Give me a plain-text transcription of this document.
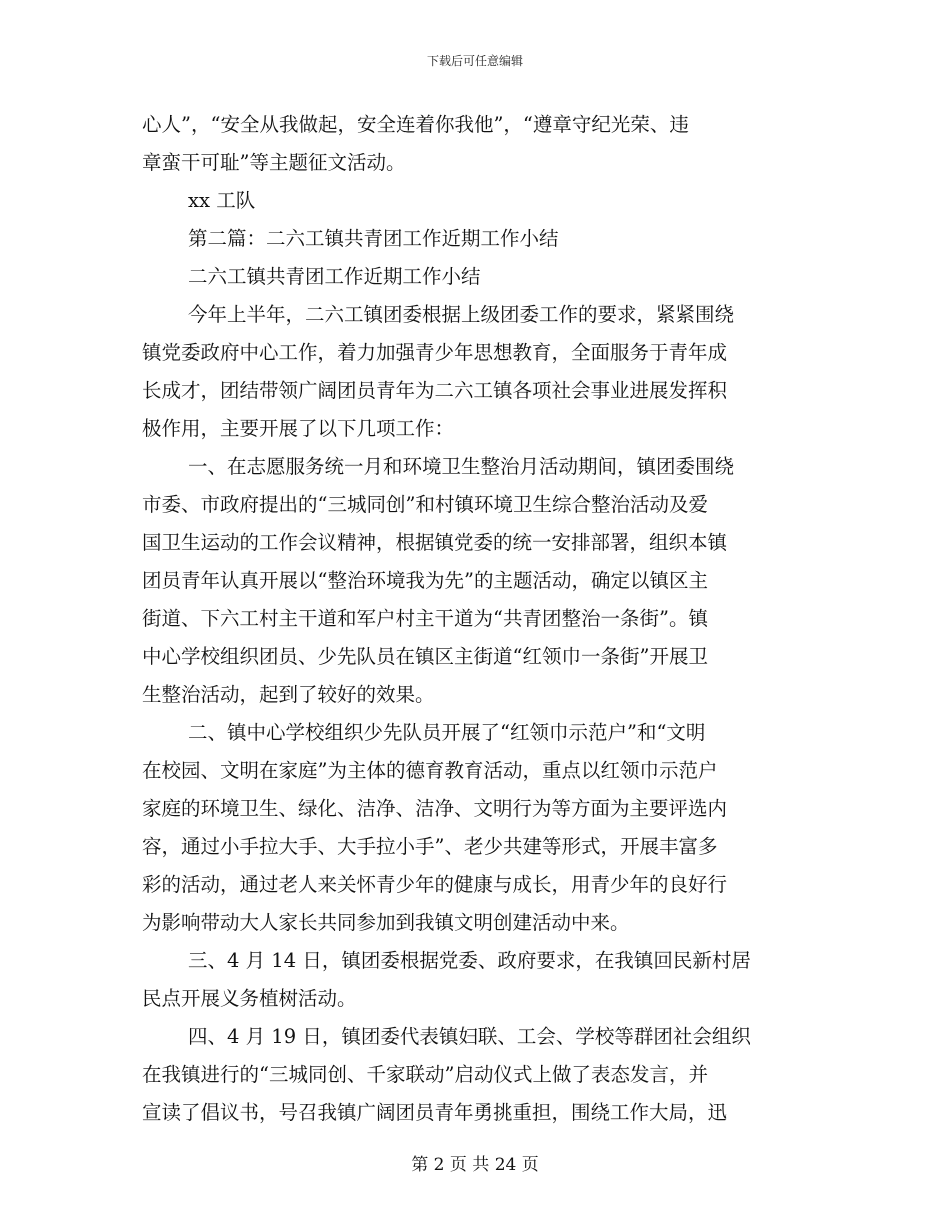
下载后可任意编辑
心人”，“安全从我做起，安全连着你我他”，“遵章守纪光荣、违
章蛮干可耻”等主题征文活动。
xx 工队
第二篇：二六工镇共青团工作近期工作小结
二六工镇共青团工作近期工作小结
今年上半年，二六工镇团委根据上级团委工作的要求，紧紧围绕
镇党委政府中心工作，着力加强青少年思想教育，全面服务于青年成
长成才，团结带领广阔团员青年为二六工镇各项社会事业进展发挥积
极作用，主要开展了以下几项工作：
一、在志愿服务统一月和环境卫生整治月活动期间，镇团委围绕
市委、市政府提出的“三城同创”和村镇环境卫生综合整治活动及爱
国卫生运动的工作会议精神，根据镇党委的统一安排部署，组织本镇
团员青年认真开展以“整治环境我为先”的主题活动，确定以镇区主
街道、下六工村主干道和军户村主干道为“共青团整治一条街”。镇
中心学校组织团员、少先队员在镇区主街道“红领巾一条街”开展卫
生整治活动，起到了较好的效果。
二、镇中心学校组织少先队员开展了“红领巾示范户”和“文明
在校园、文明在家庭”为主体的德育教育活动，重点以红领巾示范户
家庭的环境卫生、绿化、洁净、洁净、文明行为等方面为主要评选内
容，通过小手拉大手、大手拉小手”、老少共建等形式，开展丰富多
彩的活动，通过老人来关怀青少年的健康与成长，用青少年的良好行
为影响带动大人家长共同参加到我镇文明创建活动中来。
三、4 月 14 日，镇团委根据党委、政府要求，在我镇回民新村居
民点开展义务植树活动。
四、4 月 19 日，镇团委代表镇妇联、工会、学校等群团社会组织
在我镇进行的“三城同创、千家联动”启动仪式上做了表态发言，并
宣读了倡议书，号召我镇广阔团员青年勇挑重担，围绕工作大局，迅
第 2 页 共 24 页
